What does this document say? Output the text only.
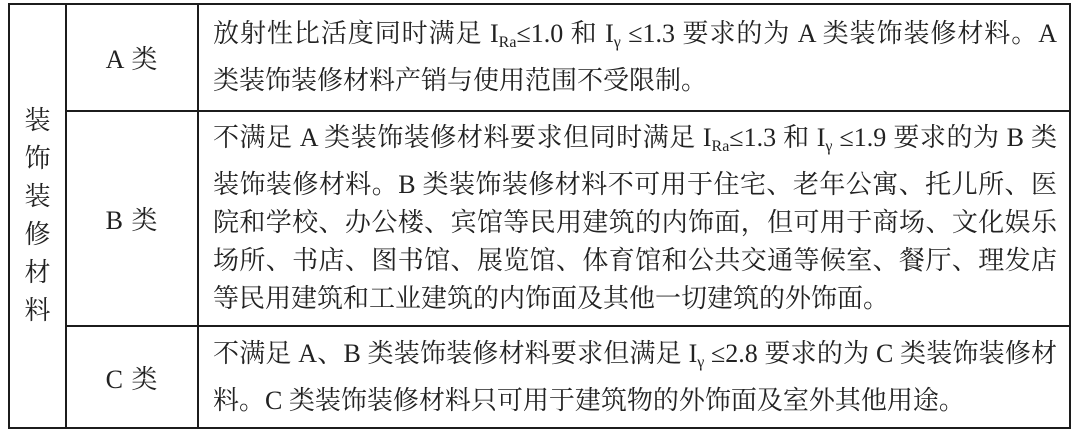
装
饰
装
修
材
料
A 类

放射性比活度同时满足 $I_{Ra}\le 1.0$ 和 $I_\gamma \le 1.3$ 要求的为 A 类装饰装修材料。A 类装饰装修材料产销与使用范围不受限制。

B 类

不满足 A 类装饰装修材料要求但同时满足 $I_{Ra}\le 1.3$ 和 $I_\gamma \le 1.9$ 要求的为 B 类装饰装修材料。B 类装饰装修材料不可用于住宅、老年公寓、托儿所、医院和学校、办公楼、宾馆等民用建筑的内饰面，但可用于商场、文化娱乐场所、书店、图书馆、展览馆、体育馆和公共交通等候室、餐厅、理发店等民用建筑和工业建筑的内饰面及其他一切建筑的外饰面。

C 类

不满足 A、B 类装饰装修材料要求但满足 $I_\gamma \le 2.8$ 要求的为 C 类装饰装修材料。C 类装饰装修材料只可用于建筑物的外饰面及室外其他用途。
